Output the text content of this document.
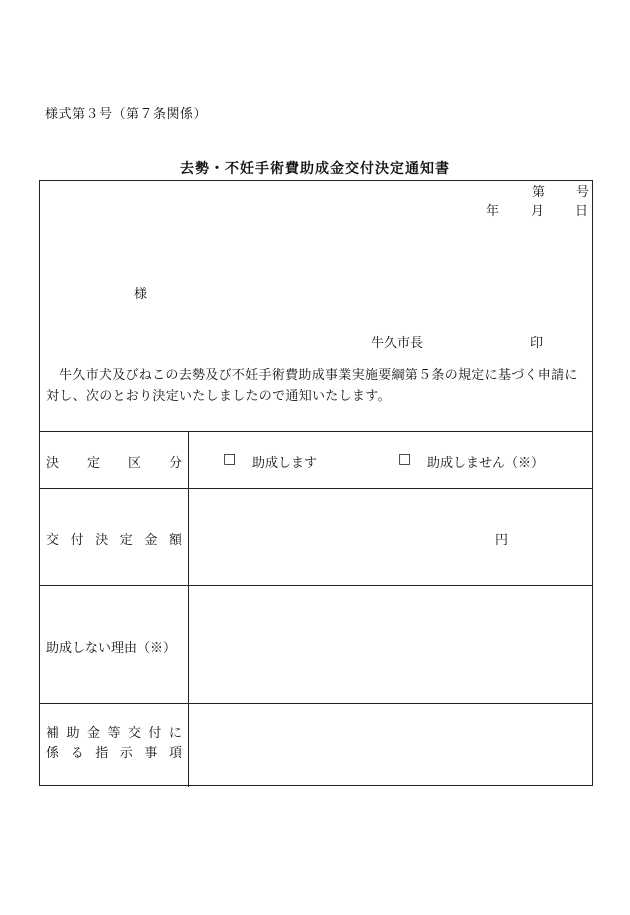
様式第３号（第７条関係）
去勢・不妊手術費助成金交付決定通知書
第 号
年 月 日
様
牛久市長	印
牛久市犬及びねこの去勢及び不妊手術費助成事業実施要綱第５条の規定に基づく申請に対し、次のとおり決定いたしましたので通知いたします。
決 定 区 分	□ 助成します	□ 助成しません（※）
交 付 決 定 金 額	円
助成しない理由（※）
補 助 金 等 交 付 に
係 る 指 示 事 項
